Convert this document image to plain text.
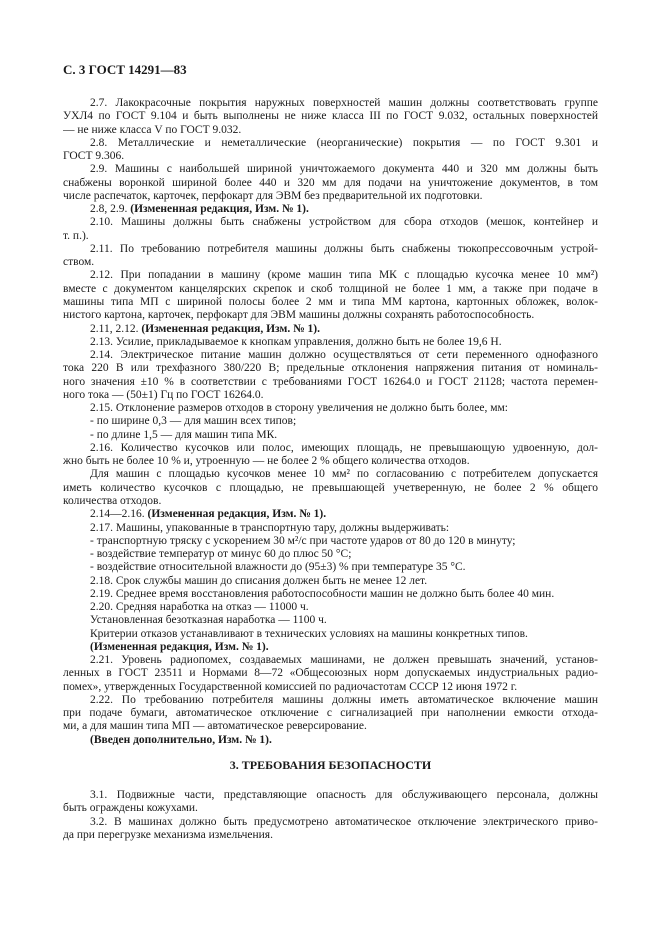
С. 3 ГОСТ 14291—83
2.7. Лакокрасочные покрытия наружных поверхностей машин должны соответствовать группе
УХЛ4 по ГОСТ 9.104 и быть выполнены не ниже класса III по ГОСТ 9.032, остальных поверхностей
— не ниже класса V по ГОСТ 9.032.
2.8. Металлические и неметаллические (неорганические) покрытия — по ГОСТ 9.301 и
ГОСТ 9.306.
2.9. Машины с наибольшей шириной уничтожаемого документа 440 и 320 мм должны быть
снабжены воронкой шириной более 440 и 320 мм для подачи на уничтожение документов, в том
числе распечаток, карточек, перфокарт для ЭВМ без предварительной их подготовки.
2.8, 2.9. (Измененная редакция, Изм. № 1).
2.10. Машины должны быть снабжены устройством для сбора отходов (мешок, контейнер и
т. п.).
2.11. По требованию потребителя машины должны быть снабжены тюкопрессовочным устрой-
ством.
2.12. При попадании в машину (кроме машин типа МК с площадью кусочка менее 10 мм²)
вместе с документом канцелярских скрепок и скоб толщиной не более 1 мм, а также при подаче в
машины типа МП с шириной полосы более 2 мм и типа ММ картона, картонных обложек, волок-
нистого картона, карточек, перфокарт для ЭВМ машины должны сохранять работоспособность.
2.11, 2.12. (Измененная редакция, Изм. № 1).
2.13. Усилие, прикладываемое к кнопкам управления, должно быть не более 19,6 Н.
2.14. Электрическое питание машин должно осуществляться от сети переменного однофазного
тока 220 В или трехфазного 380/220 В; предельные отклонения напряжения питания от номиналь-
ного значения ±10 % в соответствии с требованиями ГОСТ 16264.0 и ГОСТ 21128; частота перемен-
ного тока — (50±1) Гц по ГОСТ 16264.0.
2.15. Отклонение размеров отходов в сторону увеличения не должно быть более, мм:
- по ширине 0,3 — для машин всех типов;
- по длине 1,5 — для машин типа МК.
2.16. Количество кусочков или полос, имеющих площадь, не превышающую удвоенную, дол-
жно быть не более 10 % и, утроенную — не более 2 % общего количества отходов.
Для машин с площадью кусочков менее 10 мм² по согласованию с потребителем допускается
иметь количество кусочков с площадью, не превышающей учетверенную, не более 2 % общего
количества отходов.
2.14—2.16. (Измененная редакция, Изм. № 1).
2.17. Машины, упакованные в транспортную тару, должны выдерживать:
- транспортную тряску с ускорением 30 м²/с при частоте ударов от 80 до 120 в минуту;
- воздействие температур от минус 60 до плюс 50 °С;
- воздействие относительной влажности до (95±3) % при температуре 35 °С.
2.18. Срок службы машин до списания должен быть не менее 12 лет.
2.19. Среднее время восстановления работоспособности машин не должно быть более 40 мин.
2.20. Средняя наработка на отказ — 11000 ч.
Установленная безотказная наработка — 1100 ч.
Критерии отказов устанавливают в технических условиях на машины конкретных типов.
(Измененная редакция, Изм. № 1).
2.21. Уровень радиопомех, создаваемых машинами, не должен превышать значений, установ-
ленных в ГОСТ 23511 и Нормами 8—72 «Общесоюзных норм допускаемых индустриальных радио-
помех», утвержденных Государственной комиссией по радиочастотам СССР 12 июня 1972 г.
2.22. По требованию потребителя машины должны иметь автоматическое включение машин
при подаче бумаги, автоматическое отключение с сигнализацией при наполнении емкости отхода-
ми, а для машин типа МП — автоматическое реверсирование.
(Введен дополнительно, Изм. № 1).
3. ТРЕБОВАНИЯ БЕЗОПАСНОСТИ
3.1. Подвижные части, представляющие опасность для обслуживающего персонала, должны
быть ограждены кожухами.
3.2. В машинах должно быть предусмотрено автоматическое отключение электрического приво-
да при перегрузке механизма измельчения.
